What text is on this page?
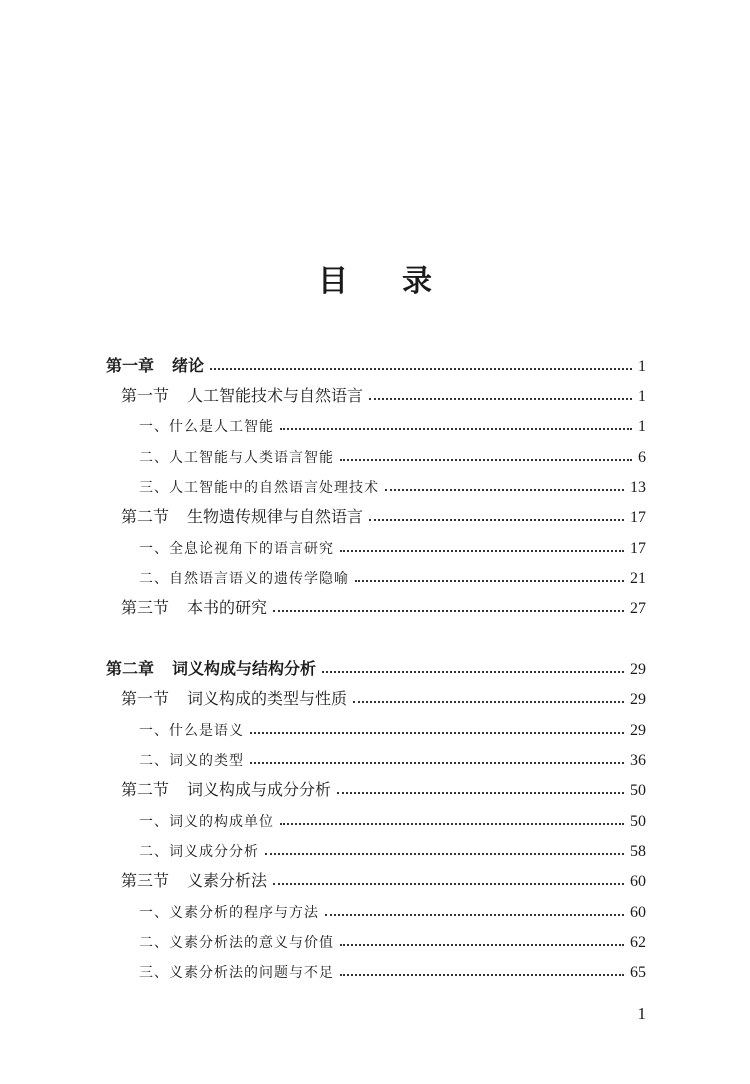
目 录
第一章 绪论	1
第一节 人工智能技术与自然语言	1
一、什么是人工智能	1
二、人工智能与人类语言智能	6
三、人工智能中的自然语言处理技术	13
第二节 生物遗传规律与自然语言	17
一、全息论视角下的语言研究	17
二、自然语言语义的遗传学隐喻	21
第三节 本书的研究	27
第二章 词义构成与结构分析	29
第一节 词义构成的类型与性质	29
一、什么是语义	29
二、词义的类型	36
第二节 词义构成与成分分析	50
一、词义的构成单位	50
二、词义成分分析	58
第三节 义素分析法	60
一、义素分析的程序与方法	60
二、义素分析法的意义与价值	62
三、义素分析法的问题与不足	65
1
